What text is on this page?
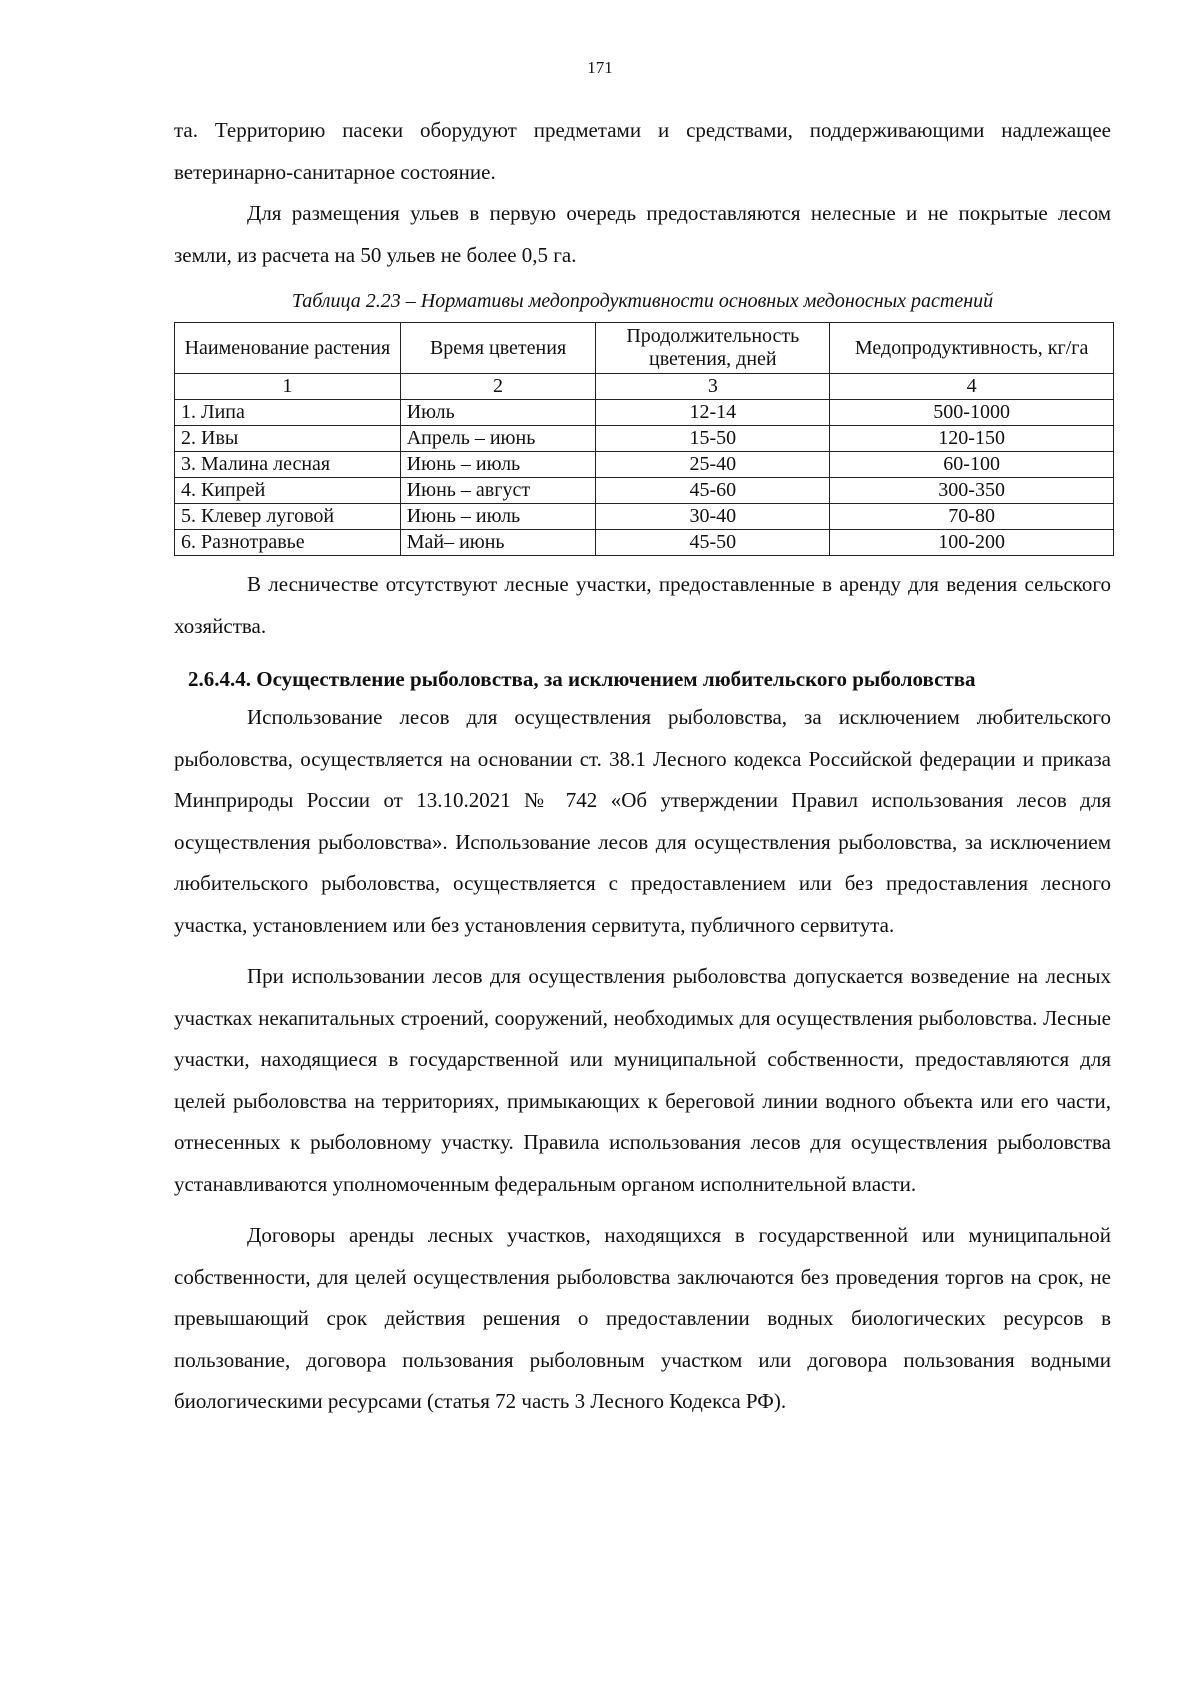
171

та. Территорию пасеки оборудуют предметами и средствами, поддерживающими надлежащее ветеринарно-санитарное состояние.

Для размещения ульев в первую очередь предоставляются нелесные и не покрытые лесом земли, из расчета на 50 ульев не более 0,5 га.

Таблица 2.23 – Нормативы медопродуктивности основных медоносных растений
Наименование растения	Время цветения	Продолжительность цветения, дней	Медопродуктивность, кг/га
1	2	3	4
1. Липа	Июль	12-14	500-1000
2. Ивы	Апрель – июнь	15-50	120-150
3. Малина лесная	Июнь – июль	25-40	60-100
4. Кипрей	Июнь – август	45-60	300-350
5. Клевер луговой	Июнь – июль	30-40	70-80
6. Разнотравье	Май– июнь	45-50	100-200

В лесничестве отсутствуют лесные участки, предоставленные в аренду для ведения сельского хозяйства.

2.6.4.4. Осуществление рыболовства, за исключением любительского рыболовства

Использование лесов для осуществления рыболовства, за исключением любительского рыболовства, осуществляется на основании ст. 38.1 Лесного кодекса Российской федерации и приказа Минприроды России от 13.10.2021 № 742 «Об утверждении Правил использования лесов для осуществления рыболовства». Использование лесов для осуществления рыболовства, за исключением любительского рыболовства, осуществляется с предоставлением или без предоставления лесного участка, установлением или без установления сервитута, публичного сервитута.

При использовании лесов для осуществления рыболовства допускается возведение на лесных участках некапитальных строений, сооружений, необходимых для осуществления рыболовства. Лесные участки, находящиеся в государственной или муниципальной собственности, предоставляются для целей рыболовства на территориях, примыкающих к береговой линии водного объекта или его части, отнесенных к рыболовному участку. Правила использования лесов для осуществления рыболовства устанавливаются уполномоченным федеральным органом исполнительной власти.

Договоры аренды лесных участков, находящихся в государственной или муниципальной собственности, для целей осуществления рыболовства заключаются без проведения торгов на срок, не превышающий срок действия решения о предоставлении водных биологических ресурсов в пользование, договора пользования рыболовным участком или договора пользования водными биологическими ресурсами (статья 72 часть 3 Лесного Кодекса РФ).
